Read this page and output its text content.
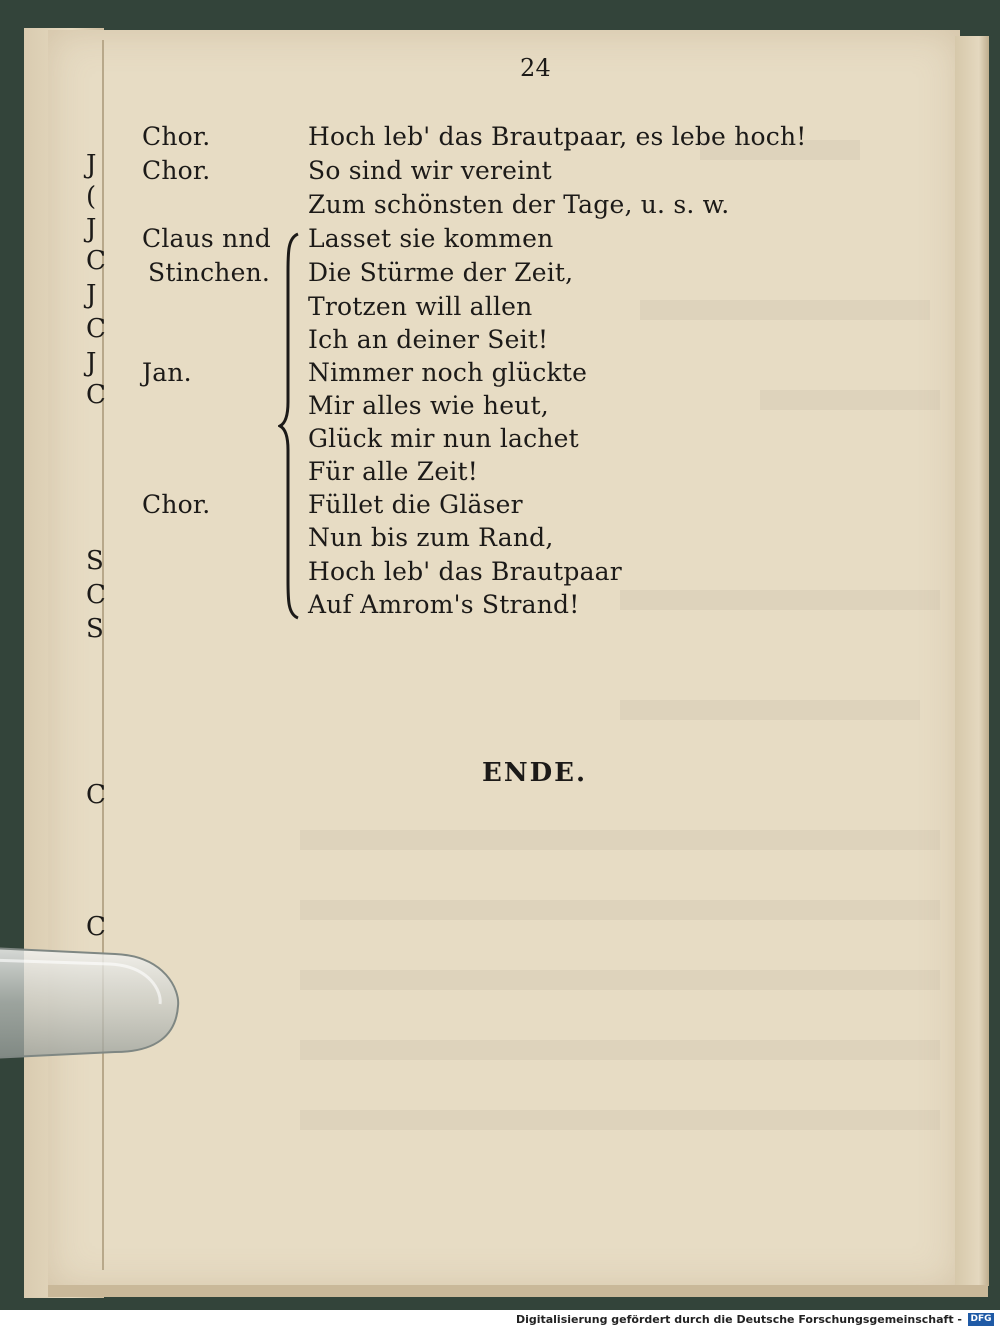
24
J
(
J
C
J
C
J
C
S
C
S
C
C
Chor.
Chor.
Claus nnd
Stinchen.
Jan.
Chor.
Hoch leb' das Brautpaar, es lebe hoch!
So sind wir vereint
Zum schönsten der Tage, u. s. w.
Lasset sie kommen
Die Stürme der Zeit,
Trotzen will allen
Ich an deiner Seit!
Nimmer noch glückte
Mir alles wie heut,
Glück mir nun lachet
Für alle Zeit!
Füllet die Gläser
Nun bis zum Rand,
Hoch leb' das Brautpaar
Auf Amrom's Strand!
ENDE.
Digitalisierung gefördert durch die Deutsche Forschungsgemeinschaft - DFG
